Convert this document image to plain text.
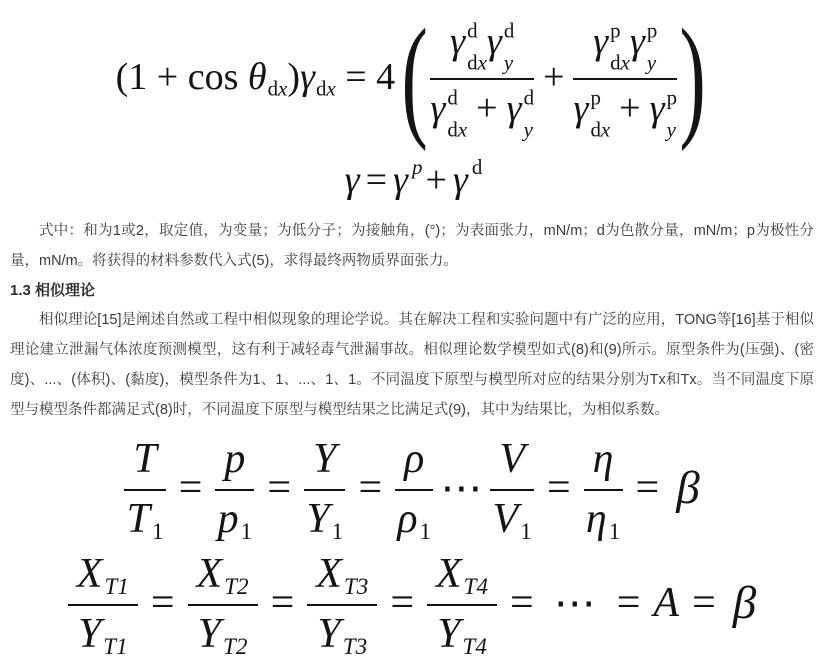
(1 + cos θ dx ) γ dx = 4 ( γ d
dx
γ d
y
γ d
dx
+ γ d
y + γ p
dx
γ p
y
γ p
dx
+ γ p
y )
γ = γ p + γ d

式中：和为1或2，取定值，为变量；为低分子；为接触角，(°)；为表面张力，mN/m；d为色散分量，mN/m；p为极性分量，mN/m。将获得的材料参数代入式(5)，求得最终两物质界面张力。

1.3 相似理论

相似理论[15]是阐述自然或工程中相似现象的理论学说。其在解决工程和实验问题中有广泛的应用，TONG等[16]基于相似理论建立泄漏气体浓度预测模型，这有利于减轻毒气泄漏事故。相似理论数学模型如式(8)和(9)所示。原型条件为(压强)、(密度)、...、(体积)、(黏度)，模型条件为1、1、...、1、1。不同温度下原型与模型所对应的结果分别为Tx和Tx。当不同温度下原型与模型条件都满足式(8)时，不同温度下原型与模型结果之比满足式(9)，其中为结果比，为相似系数。

$\frac{T}{T1} = \frac{p}{p1} = \frac{Y}{Y1} = \frac{\rho}{\rho 1}$ ⋯ $\frac{V}{V1} = \frac{\eta}{\eta 1} = \beta$
$\frac{XT1}{YT1} = \frac{XT2}{YT2} = \frac{XT3}{YT3} = \frac{XT4}{YT4}$ = ⋯ = A = β
